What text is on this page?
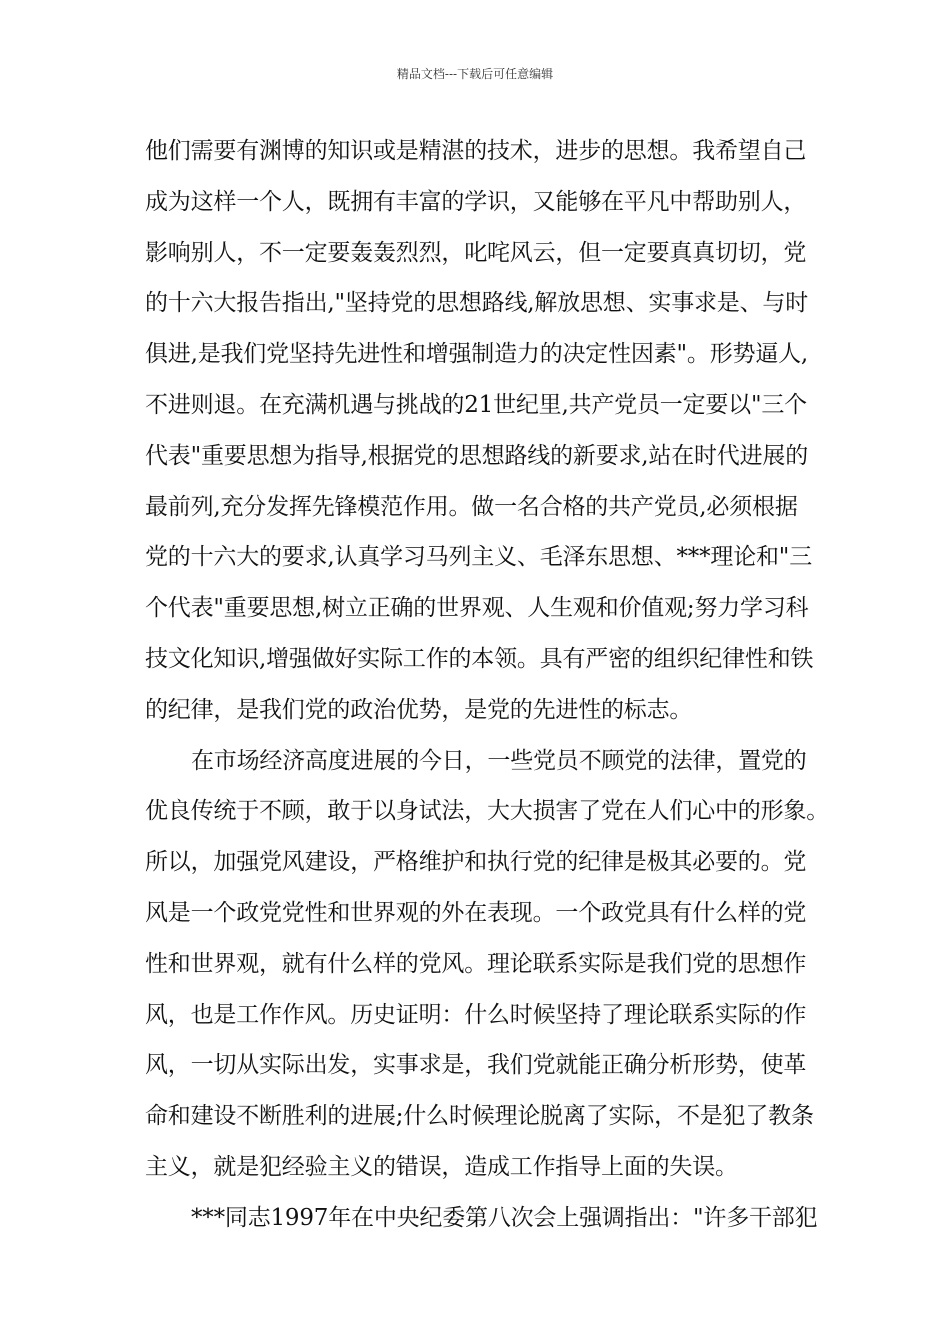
精品文档---下载后可任意编辑
他们需要有渊博的知识或是精湛的技术，进步的思想。我希望自己
成为这样一个人，既拥有丰富的学识，又能够在平凡中帮助别人，
影响别人，不一定要轰轰烈烈，叱咤风云，但一定要真真切切，党
的十六大报告指出,"坚持党的思想路线,解放思想、实事求是、与时
俱进,是我们党坚持先进性和增强制造力的决定性因素"。形势逼人,
不进则退。在充满机遇与挑战的21世纪里,共产党员一定要以"三个
代表"重要思想为指导,根据党的思想路线的新要求,站在时代进展的
最前列,充分发挥先锋模范作用。做一名合格的共产党员,必须根据
党的十六大的要求,认真学习马列主义、毛泽东思想、***理论和"三
个代表"重要思想,树立正确的世界观、人生观和价值观;努力学习科
技文化知识,增强做好实际工作的本领。具有严密的组织纪律性和铁
的纪律，是我们党的政治优势，是党的先进性的标志。
在市场经济高度进展的今日，一些党员不顾党的法律，置党的
优良传统于不顾，敢于以身试法，大大损害了党在人们心中的形象。
所以，加强党风建设，严格维护和执行党的纪律是极其必要的。党
风是一个政党党性和世界观的外在表现。一个政党具有什么样的党
性和世界观，就有什么样的党风。理论联系实际是我们党的思想作
风，也是工作作风。历史证明：什么时候坚持了理论联系实际的作
风，一切从实际出发，实事求是，我们党就能正确分析形势，使革
命和建设不断胜利的进展;什么时候理论脱离了实际，不是犯了教条
主义，就是犯经验主义的错误，造成工作指导上面的失误。
***同志1997年在中央纪委第八次会上强调指出："许多干部犯
